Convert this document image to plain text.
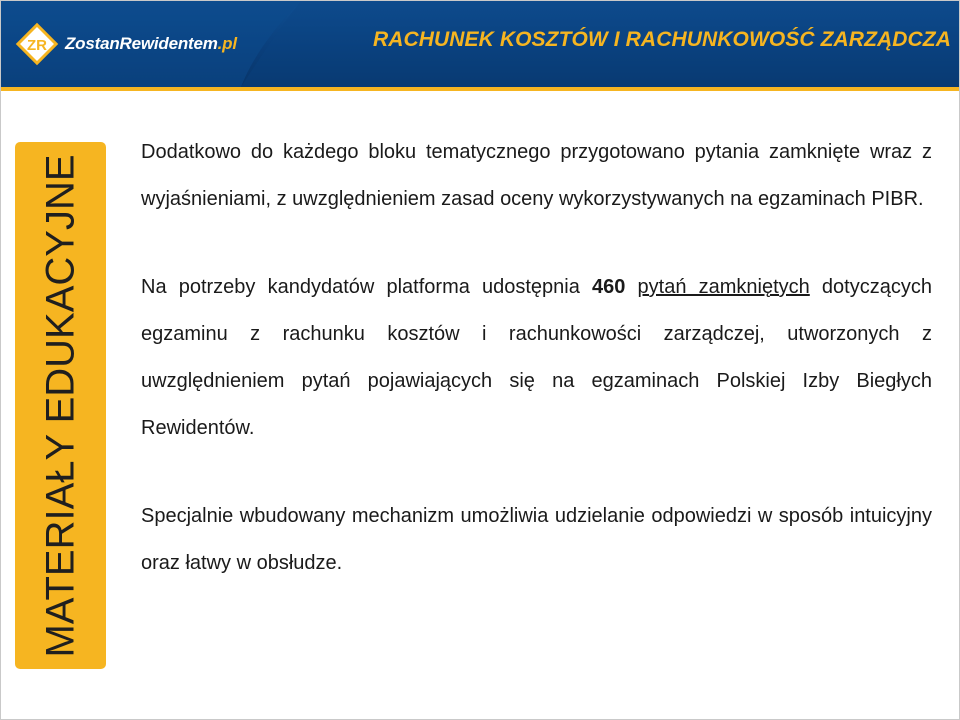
ZR ZostanRewidentem.pl	RACHUNEK KOSZTÓW I RACHUNKOWOŚĆ ZARZĄDCZA
MATERIAŁY EDUKACYJNE

Dodatkowo do każdego bloku tematycznego przygotowano pytania zamknięte wraz z wyjaśnieniami, z uwzględnieniem zasad oceny wykorzystywanych na egzaminach PIBR.

Na potrzeby kandydatów platforma udostępnia 460 pytań zamkniętych dotyczących egzaminu z rachunku kosztów i rachunkowości zarządczej, utworzonych z uwzględnieniem pytań pojawiających się na egzaminach Polskiej Izby Biegłych Rewidentów.

Specjalnie wbudowany mechanizm umożliwia udzielanie odpowiedzi w sposób intuicyjny oraz łatwy w obsłudze.
